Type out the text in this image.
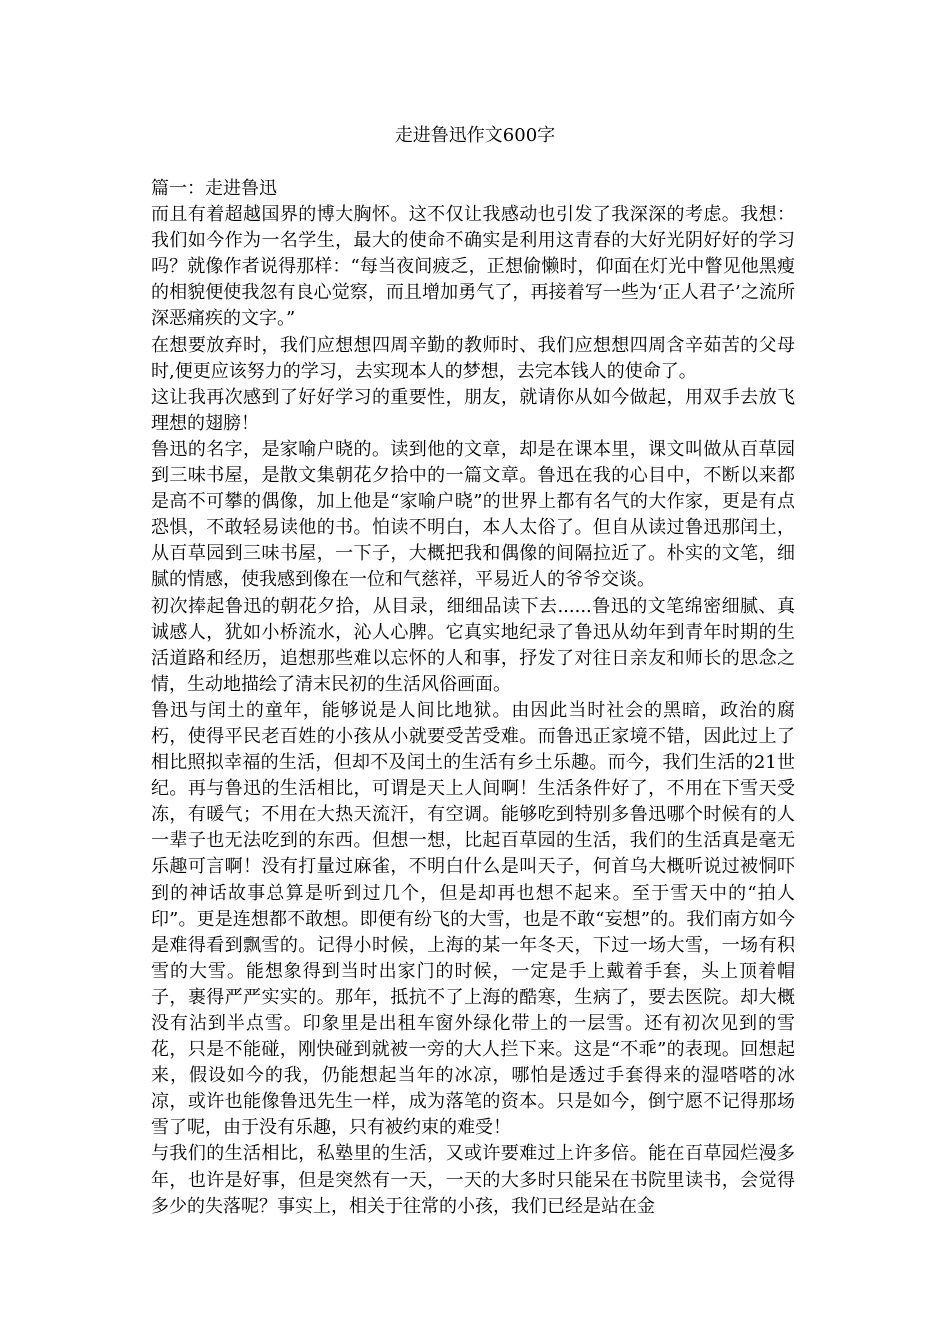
走进鲁迅作文600字

篇一：走进鲁迅

而且有着超越国界的博大胸怀。这不仅让我感动也引发了我深深的考虑。我想：我们如今作为一名学生，最大的使命不确实是利用这青春的大好光阴好好的学习吗？就像作者说得那样：“每当夜间疲乏，正想偷懒时，仰面在灯光中瞥见他黑瘦的相貌便使我忽有良心觉察，而且增加勇气了，再接着写一些为‘正人君子’之流所深恶痛疾的文字。”

在想要放弃时，我们应想想四周辛勤的教师时、我们应想想四周含辛茹苦的父母时,便更应该努力的学习，去实现本人的梦想，去完本钱人的使命了。

这让我再次感到了好好学习的重要性，朋友，就请你从如今做起，用双手去放飞理想的翅膀！

鲁迅的名字，是家喻户晓的。读到他的文章，却是在课本里，课文叫做从百草园到三味书屋，是散文集朝花夕拾中的一篇文章。鲁迅在我的心目中，不断以来都是高不可攀的偶像，加上他是“家喻户晓”的世界上都有名气的大作家，更是有点恐惧，不敢轻易读他的书。怕读不明白，本人太俗了。但自从读过鲁迅那闰土，从百草园到三味书屋，一下子，大概把我和偶像的间隔拉近了。朴实的文笔，细腻的情感，使我感到像在一位和气慈祥，平易近人的爷爷交谈。

初次捧起鲁迅的朝花夕拾，从目录，细细品读下去......鲁迅的文笔绵密细腻、真诚感人，犹如小桥流水，沁人心脾。它真实地纪录了鲁迅从幼年到青年时期的生活道路和经历，追想那些难以忘怀的人和事，抒发了对往日亲友和师长的思念之情，生动地描绘了清末民初的生活风俗画面。

鲁迅与闰土的童年，能够说是人间比地狱。由因此当时社会的黑暗，政治的腐朽，使得平民老百姓的小孩从小就要受苦受难。而鲁迅正家境不错，因此过上了相比照拟幸福的生活，但却不及闰土的生活有乡土乐趣。而今，我们生活的21世纪。再与鲁迅的生活相比，可谓是天上人间啊！生活条件好了，不用在下雪天受冻，有暖气；不用在大热天流汗，有空调。能够吃到特别多鲁迅哪个时候有的人一辈子也无法吃到的东西。但想一想，比起百草园的生活，我们的生活真是毫无乐趣可言啊！没有打量过麻雀，不明白什么是叫天子，何首乌大概听说过被恫吓到的神话故事总算是听到过几个，但是却再也想不起来。至于雪天中的“拍人印”。更是连想都不敢想。即便有纷飞的大雪，也是不敢“妄想”的。我们南方如今是难得看到飘雪的。记得小时候，上海的某一年冬天，下过一场大雪，一场有积雪的大雪。能想象得到当时出家门的时候，一定是手上戴着手套，头上顶着帽子，裹得严严实实的。那年，抵抗不了上海的酷寒，生病了，要去医院。却大概没有沾到半点雪。印象里是出租车窗外绿化带上的一层雪。还有初次见到的雪花，只是不能碰，刚快碰到就被一旁的大人拦下来。这是“不乖”的表现。回想起来，假设如今的我，仍能想起当年的冰凉，哪怕是透过手套得来的湿嗒嗒的冰凉，或许也能像鲁迅先生一样，成为落笔的资本。只是如今，倒宁愿不记得那场雪了呢，由于没有乐趣，只有被约束的难受！

与我们的生活相比，私塾里的生活，又或许要难过上许多倍。能在百草园烂漫多年，也许是好事，但是突然有一天，一天的大多时只能呆在书院里读书，会觉得多少的失落呢？事实上，相关于往常的小孩，我们已经是站在金
